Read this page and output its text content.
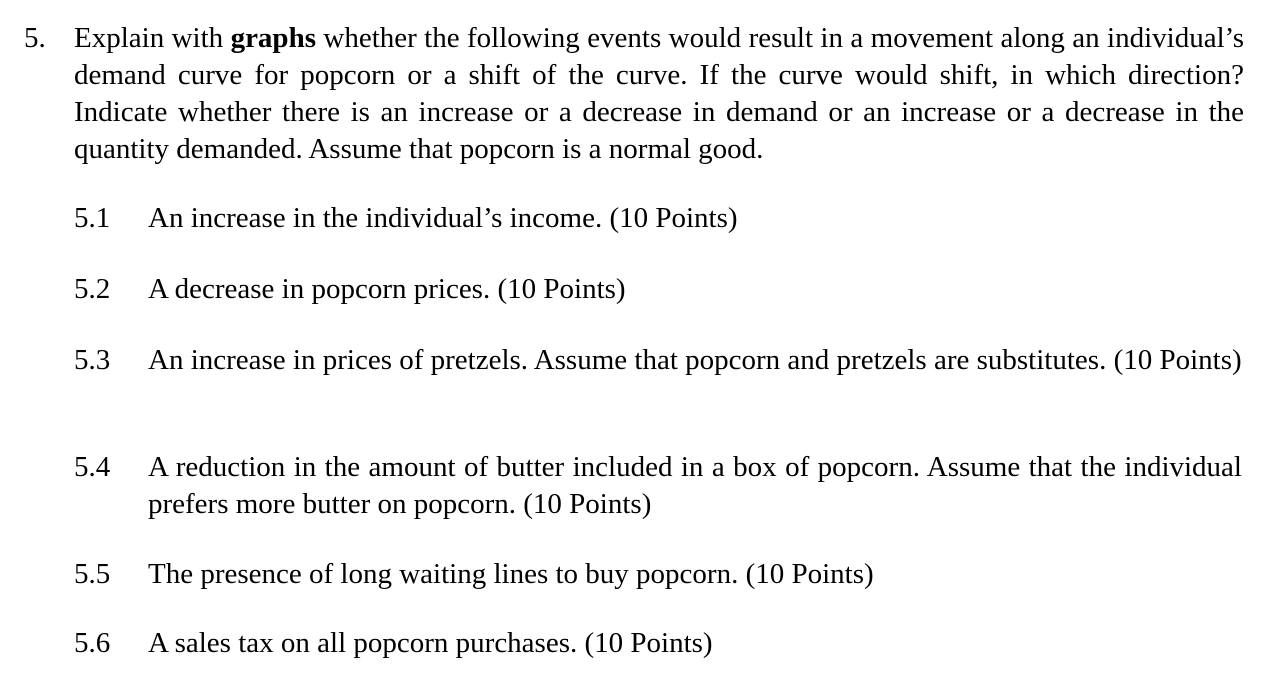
5. Explain with graphs whether the following events would result in a movement along an individual’s demand curve for popcorn or a shift of the curve. If the curve would shift, in which direction? Indicate whether there is an increase or a decrease in demand or an increase or a decrease in the quantity demanded. Assume that popcorn is a normal good.
5.1	An increase in the individual’s income. (10 Points)
5.2	A decrease in popcorn prices. (10 Points)
5.3	An increase in prices of pretzels. Assume that popcorn and pretzels are substitutes. (10 Points)
5.4	A reduction in the amount of butter included in a box of popcorn. Assume that the individual prefers more butter on popcorn. (10 Points)
5.5	The presence of long waiting lines to buy popcorn. (10 Points)
5.6	A sales tax on all popcorn purchases. (10 Points)
